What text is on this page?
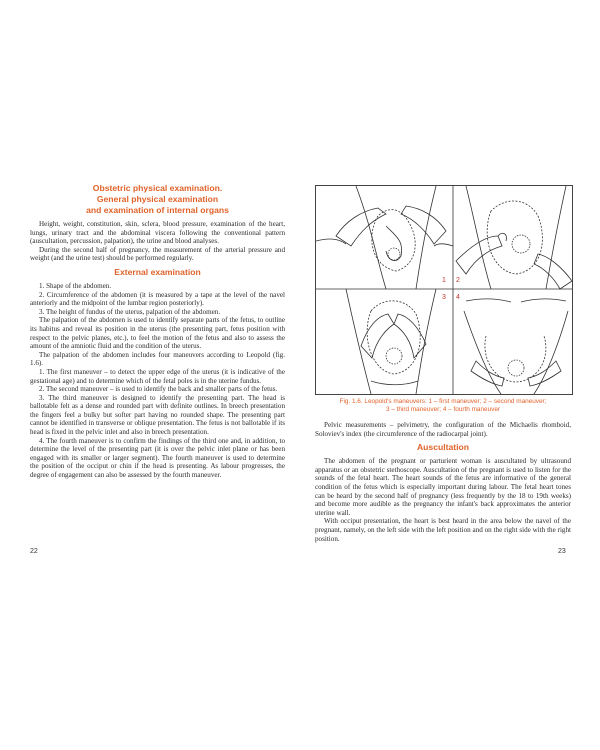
Obstetric physical examination.
General physical examination
and examination of internal organs

Height, weight, constitution, skin, sclera, blood pressure, examination of the heart, lungs, urinary tract and the abdominal viscera following the conventional pattern (auscultation, percussion, palpation), the urine and blood analyses.

During the second half of pregnancy, the measurement of the arterial pressure and weight (and the urine test) should be performed regularly.

External examination

1. Shape of the abdomen.

2. Circumference of the abdomen (it is measured by a tape at the level of the navel anteriorly and the midpoint of the lumbar region posteriorly).

3. The height of fundus of the uterus, palpation of the abdomen.

The palpation of the abdomen is used to identify separate parts of the fetus, to outline its habitus and reveal its position in the uterus (the presenting part, fetus position with respect to the pelvic planes, etc.), to feel the motion of the fetus and also to assess the amount of the amniotic fluid and the condition of the uterus.

The palpation of the abdomen includes four maneuvers according to Leopold (fig. 1.6).

1. The first maneuver – to detect the upper edge of the uterus (it is indicative of the gestational age) and to determine which of the fetal poles is in the uterine fundus.

2. The second maneuver – is used to identify the back and smaller parts of the fetus.

3. The third maneuver is designed to identify the presenting part. The head is ballotable felt as a dense and rounded part with definite outlines. In breech presentation the fingers feel a bulky but softer part having no rounded shape. The presenting part cannot be identified in transverse or oblique presentation. The fetus is not ballotable if its head is fixed in the pelvic inlet and also in breech presentation.

4. The fourth maneuver is to confirm the findings of the third one and, in addition, to determine the level of the presenting part (it is over the pelvic inlet plane or has been engaged with its smaller or larger segment). The fourth maneuver is used to determine the position of the occiput or chin if the head is presenting. As labour progresses, the degree of engagement can also be assessed by the fourth maneuver.

22
1 2
3 4
Fig. 1.6. Leopold's maneuvers: 1 – first maneuver; 2 – second maneuver;
3 – third maneuver; 4 – fourth maneuver

Pelvic measurements – pelvimetry, the configuration of the Michaelis rhomboid, Soloviev's index (the circumference of the radiocarpal joint).

Auscultation

The abdomen of the pregnant or parturient woman is auscultated by ultrasound apparatus or an obstetric stethoscope. Auscultation of the pregnant is used to listen for the sounds of the fetal heart. The heart sounds of the fetus are informative of the general condition of the fetus which is especially important during labour. The fetal heart tones can be heard by the second half of pregnancy (less frequently by the 18 to 19th weeks) and become more audible as the pregnancy the infant's back approximates the anterior uterine wall.

With occiput presentation, the heart is best heard in the area below the navel of the pregnant, namely, on the left side with the left position and on the right side with the right position.

23
